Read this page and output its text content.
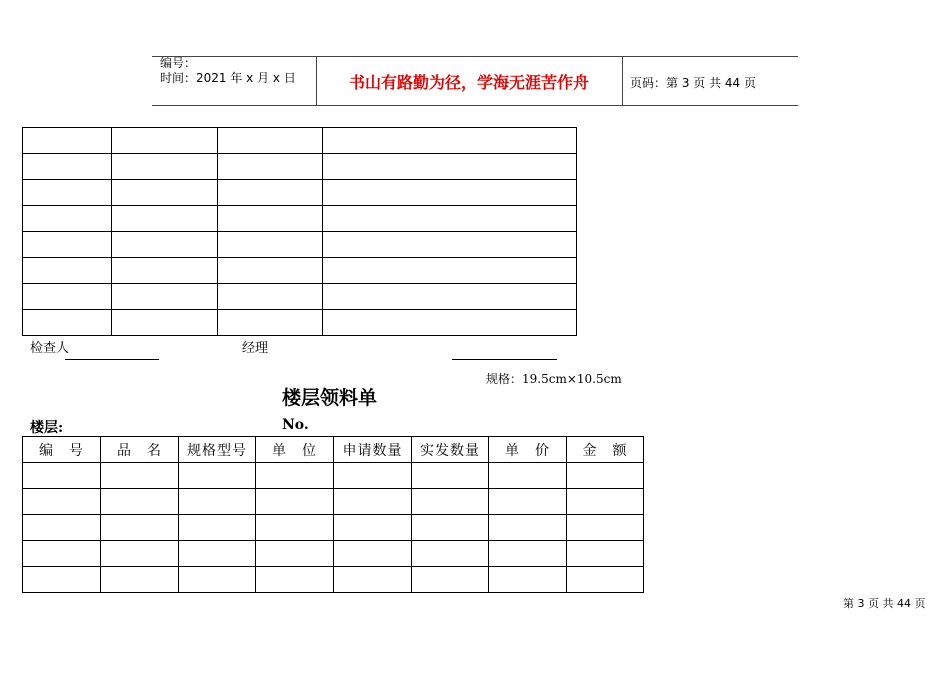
编号：
时间：2021 年 x 月 x 日	书山有路勤为径，学海无涯苦作舟	页码：第 3 页 共 44 页

检查人	经理
规格：19.5cm×10.5cm
楼层领料单
楼层:	No.
编　号	品　名	规格型号	单　位	申请数量	实发数量	单　价	金　额

第 3 页 共 44 页
